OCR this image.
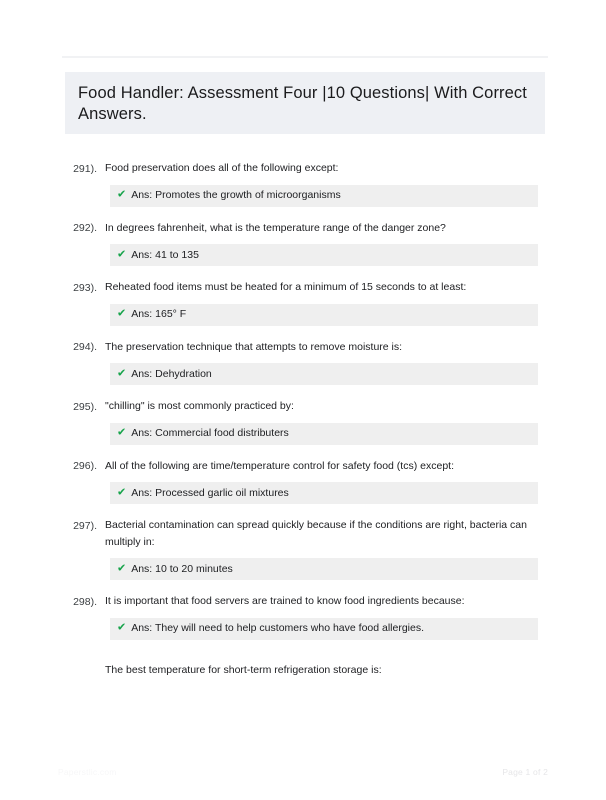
Food Handler: Assessment Four |10 Questions| With Correct Answers.
291). Food preservation does all of the following except:
✔ Ans: Promotes the growth of microorganisms
292). In degrees fahrenheit, what is the temperature range of the danger zone?
✔ Ans: 41 to 135
293). Reheated food items must be heated for a minimum of 15 seconds to at least:
✔ Ans: 165° F
294). The preservation technique that attempts to remove moisture is:
✔ Ans: Dehydration
295). "chilling" is most commonly practiced by:
✔ Ans: Commercial food distributers
296). All of the following are time/temperature control for safety food (tcs) except:
✔ Ans: Processed garlic oil mixtures
297). Bacterial contamination can spread quickly because if the conditions are right, bacteria can multiply in:
✔ Ans: 10 to 20 minutes
298). It is important that food servers are trained to know food ingredients because:
✔ Ans: They will need to help customers who have food allergies.
The best temperature for short-term refrigeration storage is:
Paperstlic.com	Page 1 of 2
